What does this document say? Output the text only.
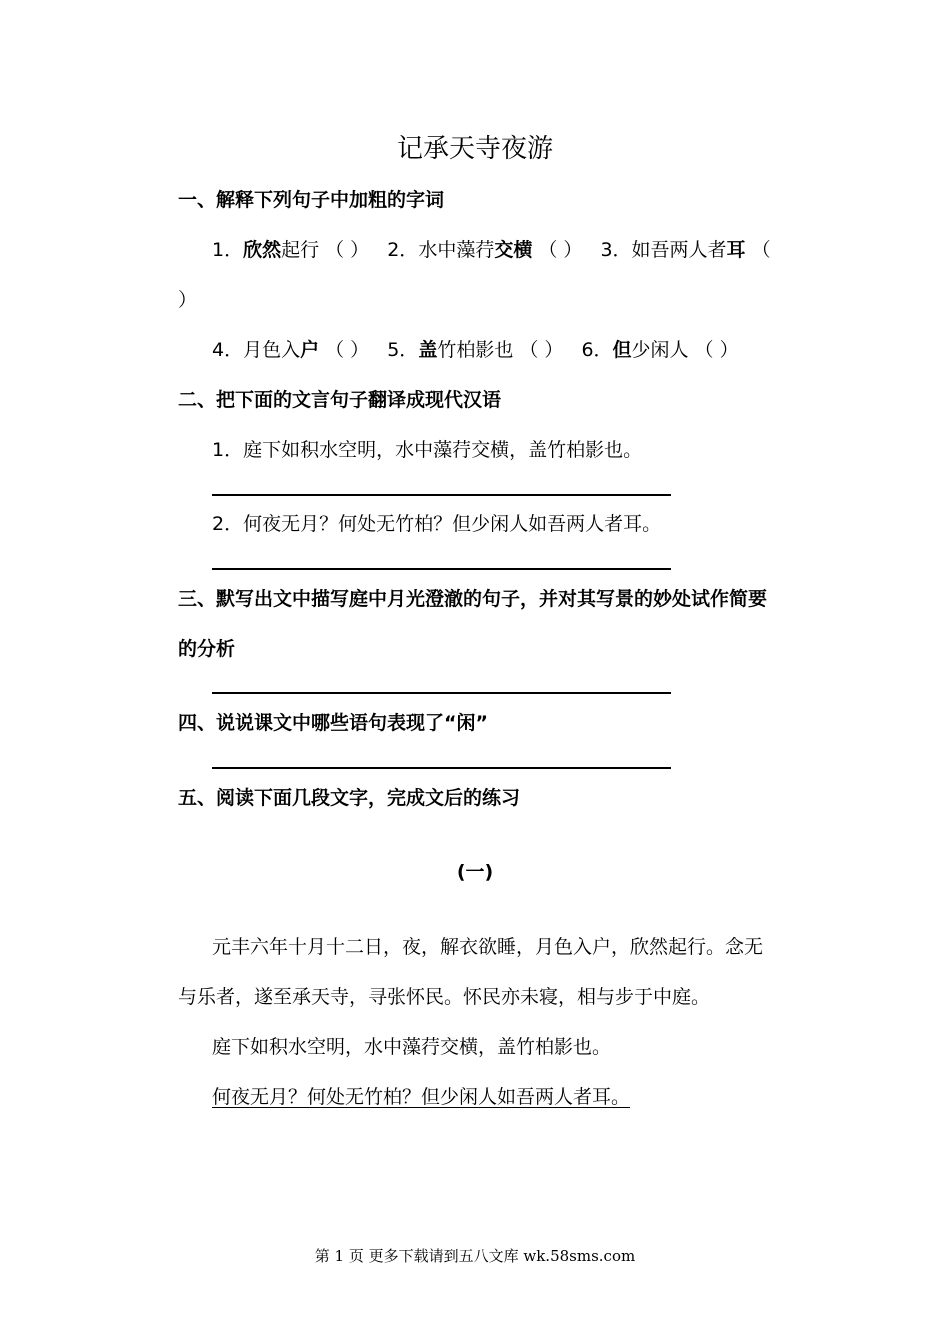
记承天寺夜游
一、解释下列句子中加粗的字词
1．欣然起行 （ ） 2．水中藻荇交横 （ ） 3．如吾两人者耳 （
）
4．月色入户 （ ） 5．盖竹柏影也 （ ） 6．但少闲人 （ ）
二、把下面的文言句子翻译成现代汉语
1．庭下如积水空明，水中藻荇交横，盖竹柏影也。
2．何夜无月？何处无竹柏？但少闲人如吾两人者耳。
三、默写出文中描写庭中月光澄澈的句子，并对其写景的妙处试作简要
的分析
四、说说课文中哪些语句表现了“闲”
五、阅读下面几段文字，完成文后的练习
(一)
元丰六年十月十二日，夜，解衣欲睡，月色入户，欣然起行。念无
与乐者，遂至承天寺，寻张怀民。怀民亦未寝，相与步于中庭。
庭下如积水空明，水中藻荇交横，盖竹柏影也。
何夜无月？何处无竹柏？但少闲人如吾两人者耳。
第 1 页 更多下载请到五八文库 wk.58sms.com
